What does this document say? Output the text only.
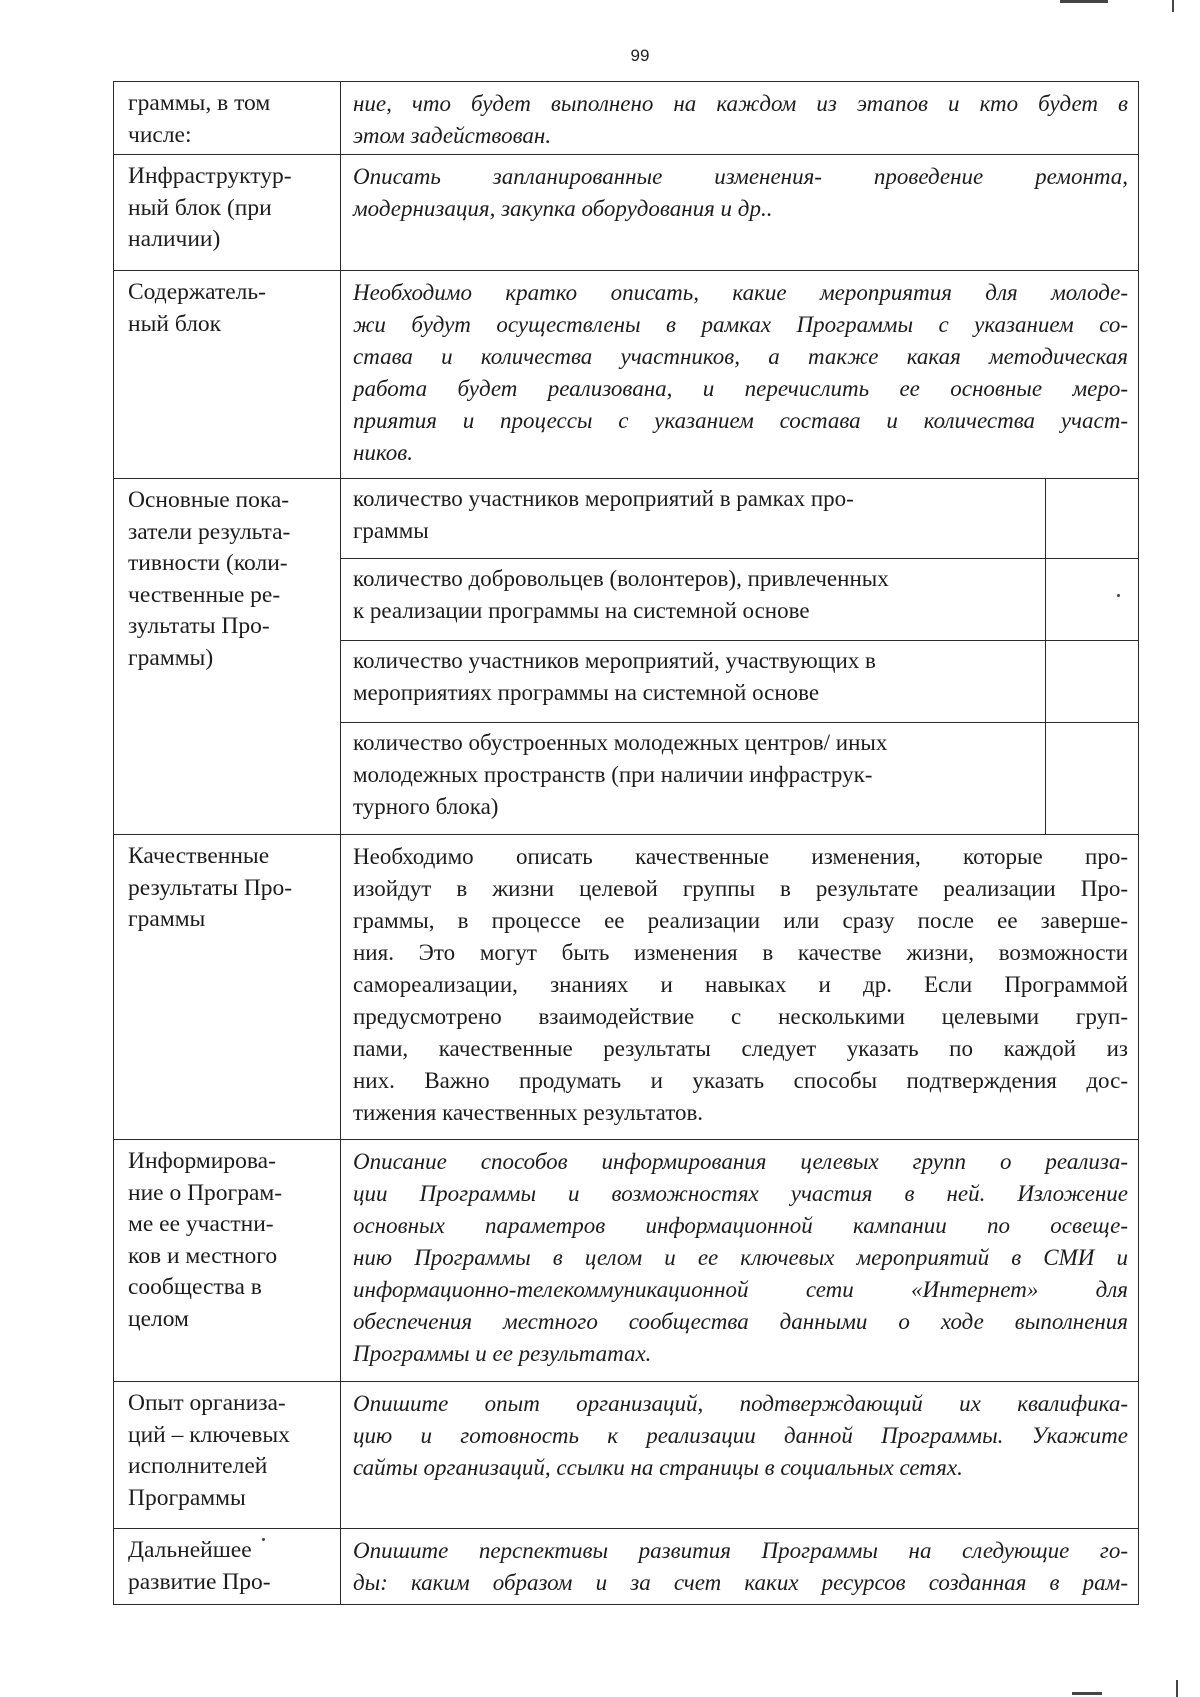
99
граммы, в том
числе:
ние, что будет выполнено на каждом из этапов и кто будет в
этом задействован.
Инфраструктур-
ный блок (при
наличии)
Описать запланированные изменения- проведение ремонта,
модернизация, закупка оборудования и др..
Содержатель-
ный блок
Необходимо кратко описать, какие мероприятия для молоде-
жи будут осуществлены в рамках Программы с указанием со-
става и количества участников, а также какая методическая
работа будет реализована, и перечислить ее основные меро-
приятия и процессы с указанием состава и количества участ-
ников.
Основные пока-
затели результа-
тивности (коли-
чественные ре-
зультаты Про-
граммы)
количество участников мероприятий в рамках про-
граммы
количество добровольцев (волонтеров), привлеченных
к реализации программы на системной основе
количество участников мероприятий, участвующих в
мероприятиях программы на системной основе
количество обустроенных молодежных центров/ иных
молодежных пространств (при наличии инфраструк-
турного блока)
Качественные
результаты Про-
граммы
Необходимо описать качественные изменения, которые про-
изойдут в жизни целевой группы в результате реализации Про-
граммы, в процессе ее реализации или сразу после ее заверше-
ния. Это могут быть изменения в качестве жизни, возможности
самореализации, знаниях и навыках и др. Если Программой
предусмотрено взаимодействие с несколькими целевыми груп-
пами, качественные результаты следует указать по каждой из
них. Важно продумать и указать способы подтверждения дос-
тижения качественных результатов.
Информирова-
ние о Програм-
ме ее участни-
ков и местного
сообщества в
целом
Описание способов информирования целевых групп о реализа-
ции Программы и возможностях участия в ней. Изложение
основных параметров информационной кампании по освеще-
нию Программы в целом и ее ключевых мероприятий в СМИ и
информационно-телекоммуникационной сети «Интернет» для
обеспечения местного сообщества данными о ходе выполнения
Программы и ее результатах.
Опыт организа-
ций – ключевых
исполнителей
Программы
Опишите опыт организаций, подтверждающий их квалифика-
цию и готовность к реализации данной Программы. Укажите
сайты организаций, ссылки на страницы в социальных сетях.
Дальнейшее
развитие Про-
Опишите перспективы развития Программы на следующие го-
ды: каким образом и за счет каких ресурсов созданная в рам-
